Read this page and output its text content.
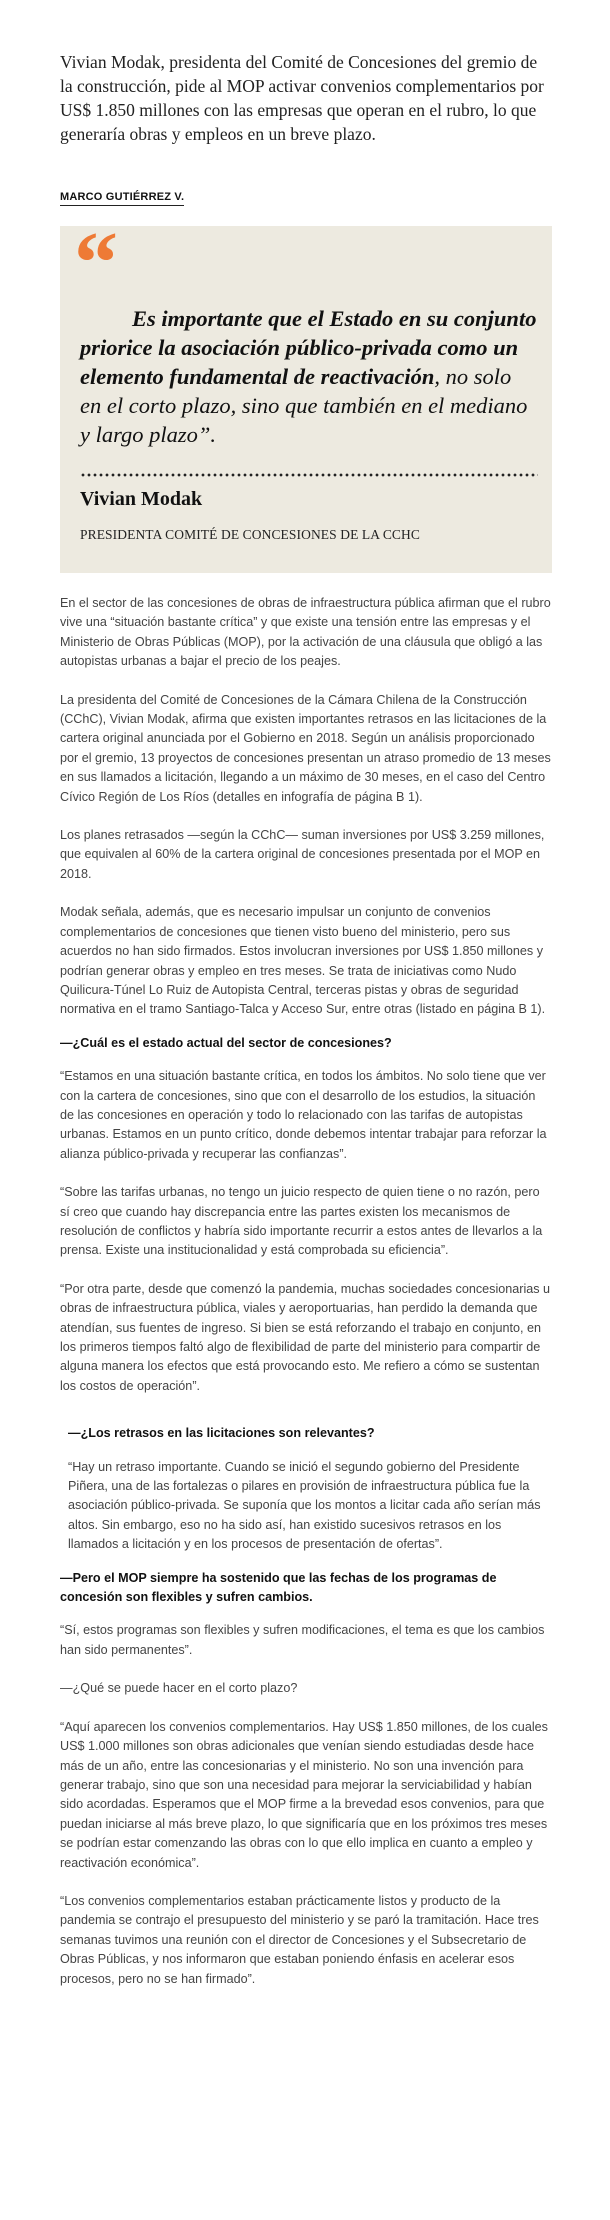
Vivian Modak, presidenta del Comité de Concesiones del gremio de la construcción, pide al MOP activar convenios complementarios por US$ 1.850 millones con las empresas que operan en el rubro, lo que generaría obras y empleos en un breve plazo.
MARCO GUTIÉRREZ V.
“
Es importante que el Estado en su conjunto priorice la asociación público-privada como un elemento fundamental de reactivación, no solo en el corto plazo, sino que también en el mediano y largo plazo”.
Vivian Modak
PRESIDENTA COMITÉ DE CONCESIONES DE LA CCHC

En el sector de las concesiones de obras de infraestructura pública afirman que el rubro vive una “situación bastante crítica” y que existe una tensión entre las empresas y el Ministerio de Obras Públicas (MOP), por la activación de una cláusula que obligó a las autopistas urbanas a bajar el precio de los peajes.

La presidenta del Comité de Concesiones de la Cámara Chilena de la Construcción (CChC), Vivian Modak, afirma que existen importantes retrasos en las licitaciones de la cartera original anunciada por el Gobierno en 2018. Según un análisis proporcionado por el gremio, 13 proyectos de concesiones presentan un atraso promedio de 13 meses en sus llamados a licitación, llegando a un máximo de 30 meses, en el caso del Centro Cívico Región de Los Ríos (detalles en infografía de página B 1).

Los planes retrasados —según la CChC— suman inversiones por US$ 3.259 millones, que equivalen al 60% de la cartera original de concesiones presentada por el MOP en 2018.

Modak señala, además, que es necesario impulsar un conjunto de convenios complementarios de concesiones que tienen visto bueno del ministerio, pero sus acuerdos no han sido firmados. Estos involucran inversiones por US$ 1.850 millones y podrían generar obras y empleo en tres meses. Se trata de iniciativas como Nudo Quilicura-Túnel Lo Ruiz de Autopista Central, terceras pistas y obras de seguridad normativa en el tramo Santiago-Talca y Acceso Sur, entre otras (listado en página B 1).

—¿Cuál es el estado actual del sector de concesiones?

“Estamos en una situación bastante crítica, en todos los ámbitos. No solo tiene que ver con la cartera de concesiones, sino que con el desarrollo de los estudios, la situación de las concesiones en operación y todo lo relacionado con las tarifas de autopistas urbanas. Estamos en un punto crítico, donde debemos intentar trabajar para reforzar la alianza público-privada y recuperar las confianzas”.

“Sobre las tarifas urbanas, no tengo un juicio respecto de quien tiene o no razón, pero sí creo que cuando hay discrepancia entre las partes existen los mecanismos de resolución de conflictos y habría sido importante recurrir a estos antes de llevarlos a la prensa. Existe una institucionalidad y está comprobada su eficiencia”.

“Por otra parte, desde que comenzó la pandemia, muchas sociedades concesionarias u obras de infraestructura pública, viales y aeroportuarias, han perdido la demanda que atendían, sus fuentes de ingreso. Si bien se está reforzando el trabajo en conjunto, en los primeros tiempos faltó algo de flexibilidad de parte del ministerio para compartir de alguna manera los efectos que está provocando esto. Me refiero a cómo se sustentan los costos de operación”.

—¿Los retrasos en las licitaciones son relevantes?

“Hay un retraso importante. Cuando se inició el segundo gobierno del Presidente Piñera, una de las fortalezas o pilares en provisión de infraestructura pública fue la asociación público-privada. Se suponía que los montos a licitar cada año serían más altos. Sin embargo, eso no ha sido así, han existido sucesivos retrasos en los llamados a licitación y en los procesos de presentación de ofertas”.

—Pero el MOP siempre ha sostenido que las fechas de los programas de concesión son flexibles y sufren cambios.

“Sí, estos programas son flexibles y sufren modificaciones, el tema es que los cambios han sido permanentes”.

—¿Qué se puede hacer en el corto plazo?

“Aquí aparecen los convenios complementarios. Hay US$ 1.850 millones, de los cuales US$ 1.000 millones son obras adicionales que venían siendo estudiadas desde hace más de un año, entre las concesionarias y el ministerio. No son una invención para generar trabajo, sino que son una necesidad para mejorar la serviciabilidad y habían sido acordadas. Esperamos que el MOP firme a la brevedad esos convenios, para que puedan iniciarse al más breve plazo, lo que significaría que en los próximos tres meses se podrían estar comenzando las obras con lo que ello implica en cuanto a empleo y reactivación económica”.

“Los convenios complementarios estaban prácticamente listos y producto de la pandemia se contrajo el presupuesto del ministerio y se paró la tramitación. Hace tres semanas tuvimos una reunión con el director de Concesiones y el Subsecretario de Obras Públicas, y nos informaron que estaban poniendo énfasis en acelerar esos procesos, pero no se han firmado”.
